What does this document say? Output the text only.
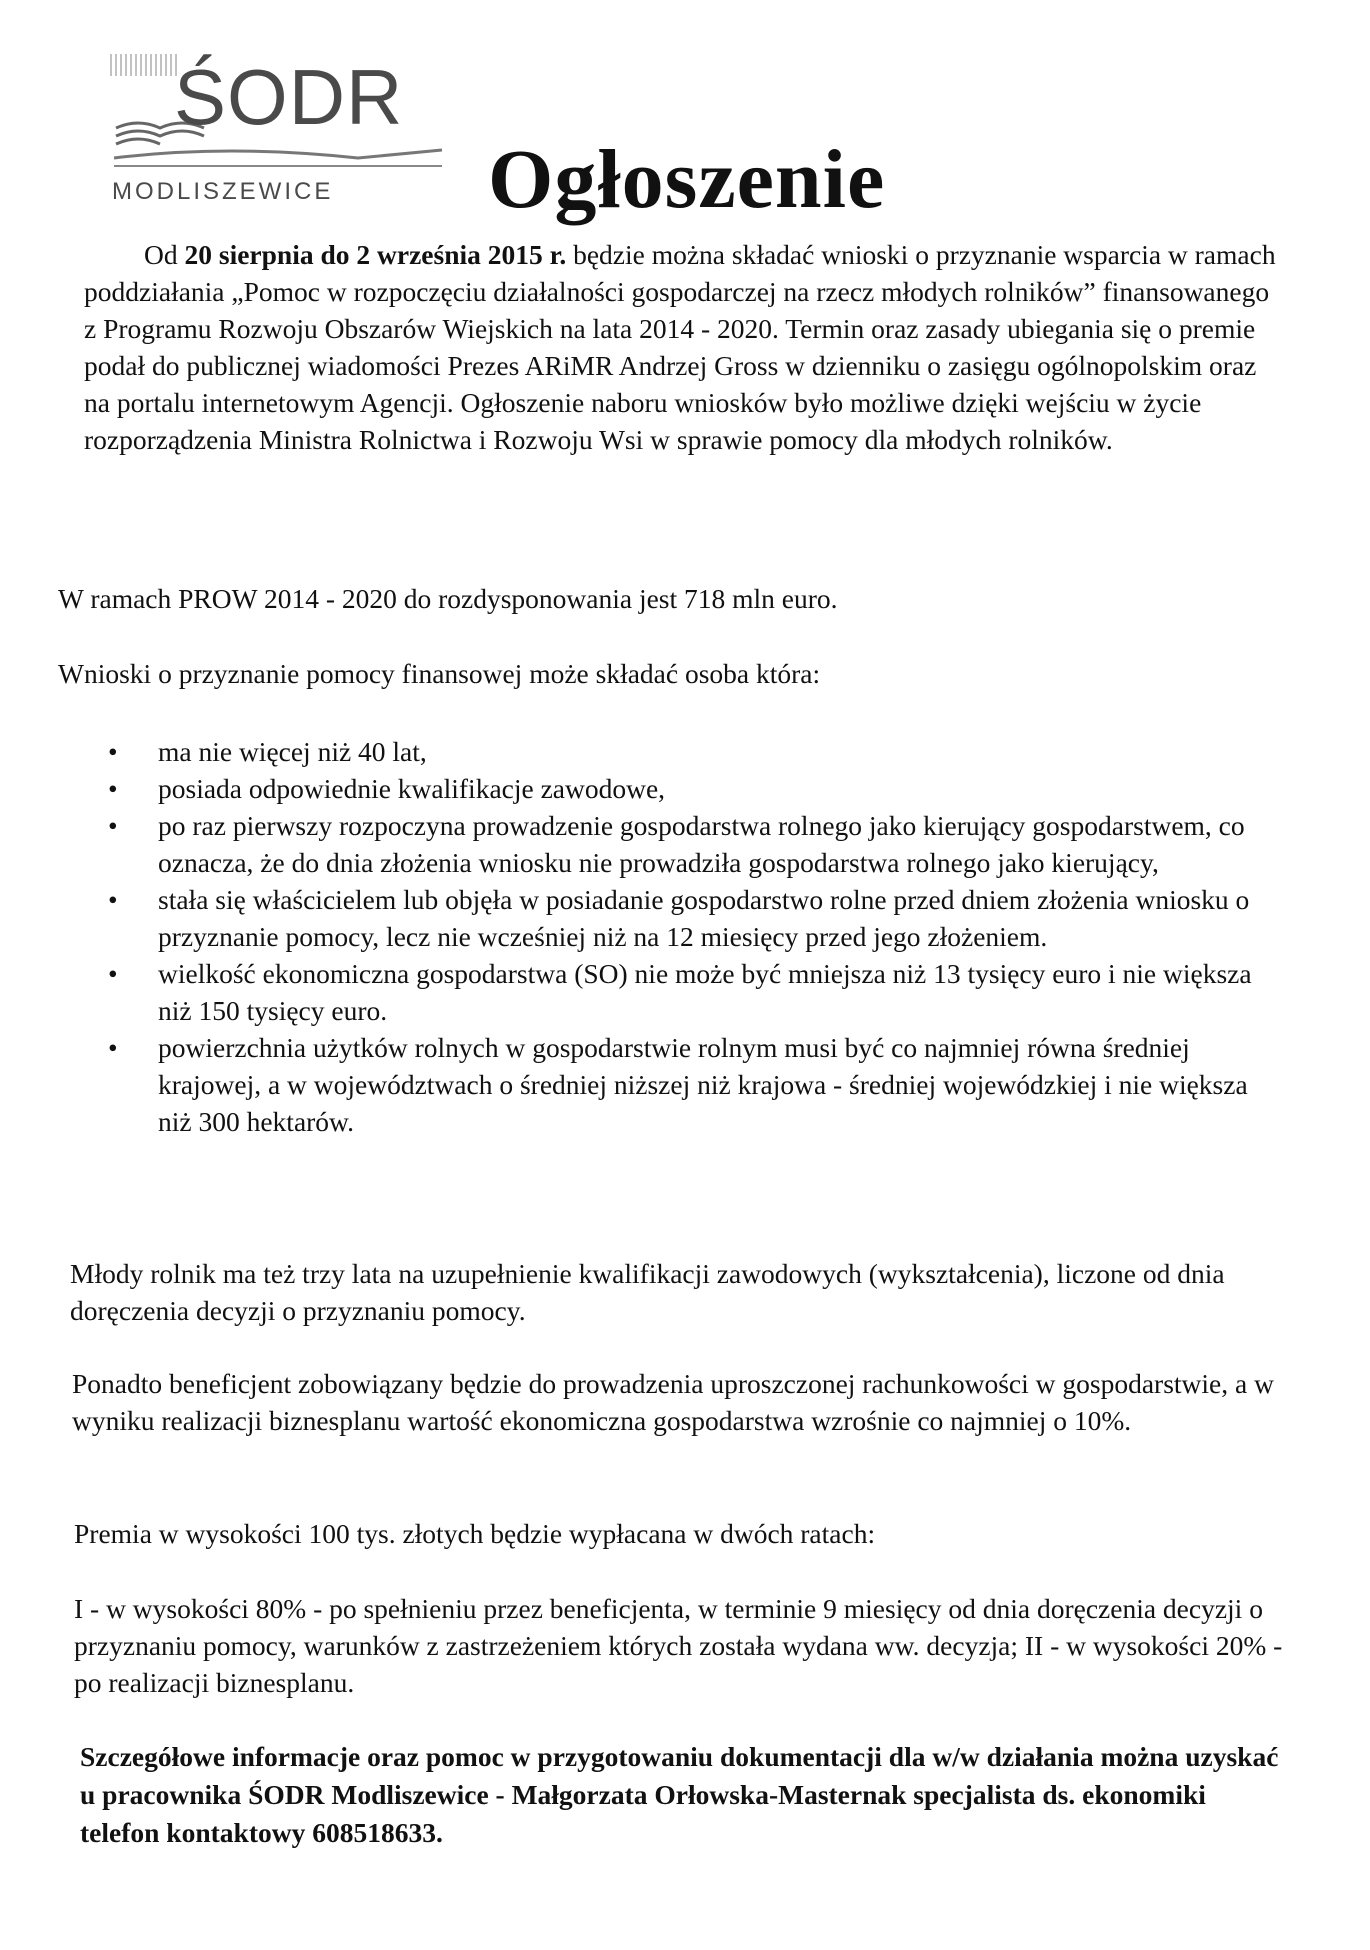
ŚODR
MODLISZEWICE Ogłoszenie
Od 20 sierpnia do 2 września 2015 r. będzie można składać wnioski o przyznanie wsparcia w ramach poddziałania „Pomoc w rozpoczęciu działalności gospodarczej na rzecz młodych rolników” finansowanego z Programu Rozwoju Obszarów Wiejskich na lata 2014 - 2020. Termin oraz zasady ubiegania się o premie podał do publicznej wiadomości Prezes ARiMR Andrzej Gross w dzienniku o zasięgu ogólnopolskim oraz na portalu internetowym Agencji. Ogłoszenie naboru wniosków było możliwe dzięki wejściu w życie rozporządzenia Ministra Rolnictwa i Rozwoju Wsi w sprawie pomocy dla młodych rolników.
W ramach PROW 2014 - 2020 do rozdysponowania jest 718 mln euro.
Wnioski o przyznanie pomocy finansowej może składać osoba która:
• ma nie więcej niż 40 lat,
• posiada odpowiednie kwalifikacje zawodowe,
• po raz pierwszy rozpoczyna prowadzenie gospodarstwa rolnego jako kierujący gospodarstwem, co oznacza, że do dnia złożenia wniosku nie prowadziła gospodarstwa rolnego jako kierujący,
• stała się właścicielem lub objęła w posiadanie gospodarstwo rolne przed dniem złożenia wniosku o przyznanie pomocy, lecz nie wcześniej niż na 12 miesięcy przed jego złożeniem.
• wielkość ekonomiczna gospodarstwa (SO) nie może być mniejsza niż 13 tysięcy euro i nie większa niż 150 tysięcy euro.
• powierzchnia użytków rolnych w gospodarstwie rolnym musi być co najmniej równa średniej krajowej, a w województwach o średniej niższej niż krajowa - średniej wojewódzkiej i nie większa niż 300 hektarów.
Młody rolnik ma też trzy lata na uzupełnienie kwalifikacji zawodowych (wykształcenia), liczone od dnia doręczenia decyzji o przyznaniu pomocy.
Ponadto beneficjent zobowiązany będzie do prowadzenia uproszczonej rachunkowości w gospodarstwie, a w wyniku realizacji biznesplanu wartość ekonomiczna gospodarstwa wzrośnie co najmniej o 10%.
Premia w wysokości 100 tys. złotych będzie wypłacana w dwóch ratach:
I - w wysokości 80% - po spełnieniu przez beneficjenta, w terminie 9 miesięcy od dnia doręczenia decyzji o przyznaniu pomocy, warunków z zastrzeżeniem których została wydana ww. decyzja; II - w wysokości 20% - po realizacji biznesplanu.
Szczegółowe informacje oraz pomoc w przygotowaniu dokumentacji dla w/w działania można uzyskać u pracownika ŚODR Modliszewice - Małgorzata Orłowska-Masternak specjalista ds. ekonomiki telefon kontaktowy 608518633.
